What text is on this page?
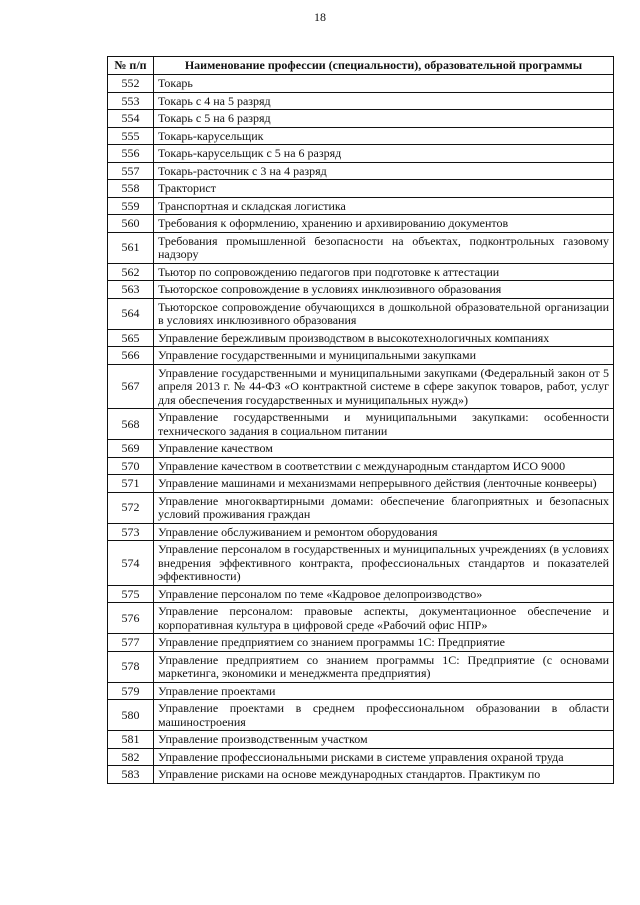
18
№ п/п	Наименование профессии (специальности), образовательной программы
552	Токарь
553	Токарь с 4 на 5 разряд
554	Токарь с 5 на 6 разряд
555	Токарь-карусельщик
556	Токарь-карусельщик с 5 на 6 разряд
557	Токарь-расточник с 3 на 4 разряд
558	Тракторист
559	Транспортная и складская логистика
560	Требования к оформлению, хранению и архивированию документов
561	Требования промышленной безопасности на объектах, подконтрольных газовому надзору
562	Тьютор по сопровождению педагогов при подготовке к аттестации
563	Тьюторское сопровождение в условиях инклюзивного образования
564	Тьюторское сопровождение обучающихся в дошкольной образовательной организации в условиях инклюзивного образования
565	Управление бережливым производством в высокотехнологичных компаниях
566	Управление государственными и муниципальными закупками
567	Управление государственными и муниципальными закупками (Федеральный закон от 5 апреля 2013 г. № 44-ФЗ «О контрактной системе в сфере закупок товаров, работ, услуг для обеспечения государственных и муниципальных нужд»)
568	Управление государственными и муниципальными закупками: особенности технического задания в социальном питании
569	Управление качеством
570	Управление качеством в соответствии с международным стандартом ИСО 9000
571	Управление машинами и механизмами непрерывного действия (ленточные конвееры)
572	Управление многоквартирными домами: обеспечение благоприятных и безопасных условий проживания граждан
573	Управление обслуживанием и ремонтом оборудования
574	Управление персоналом в государственных и муниципальных учреждениях (в условиях внедрения эффективного контракта, профессиональных стандартов и показателей эффективности)
575	Управление персоналом по теме «Кадровое делопроизводство»
576	Управление персоналом: правовые аспекты, документационное обеспечение и корпоративная культура в цифровой среде «Рабочий офис НПР»
577	Управление предприятием со знанием программы 1С: Предприятие
578	Управление предприятием со знанием программы 1С: Предприятие (с основами маркетинга, экономики и менеджмента предприятия)
579	Управление проектами
580	Управление проектами в среднем профессиональном образовании в области машиностроения
581	Управление производственным участком
582	Управление профессиональными рисками в системе управления охраной труда
583	Управление рисками на основе международных стандартов. Практикум по
